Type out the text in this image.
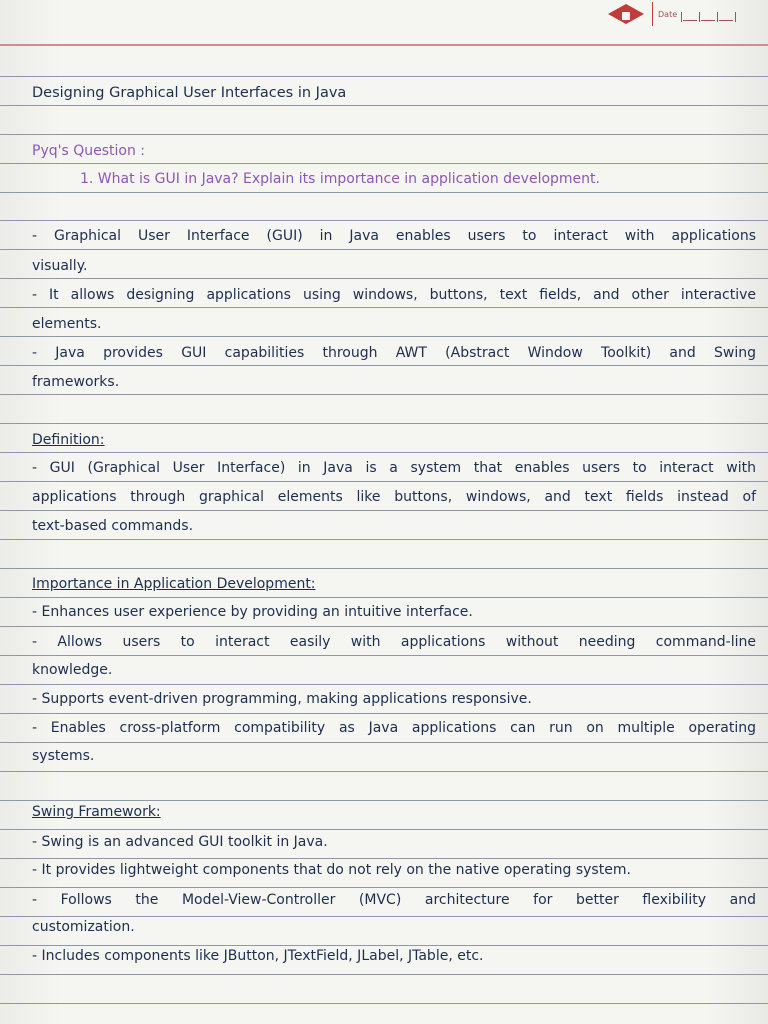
Date
Designing Graphical User Interfaces in Java
Pyq's Question :
1. What is GUI in Java? Explain its importance in application development.
- Graphical User Interface (GUI) in Java enables users to interact with applications
visually.
- It allows designing applications using windows, buttons, text fields, and other interactive
elements.
- Java provides GUI capabilities through AWT (Abstract Window Toolkit) and Swing
frameworks.
Definition:
- GUI (Graphical User Interface) in Java is a system that enables users to interact with
applications through graphical elements like buttons, windows, and text fields instead of
text-based commands.
Importance in Application Development:
- Enhances user experience by providing an intuitive interface.
- Allows users to interact easily with applications without needing command-line
knowledge.
- Supports event-driven programming, making applications responsive.
- Enables cross-platform compatibility as Java applications can run on multiple operating
systems.
Swing Framework:
- Swing is an advanced GUI toolkit in Java.
- It provides lightweight components that do not rely on the native operating system.
- Follows the Model-View-Controller (MVC) architecture for better flexibility and
customization.
- Includes components like JButton, JTextField, JLabel, JTable, etc.
